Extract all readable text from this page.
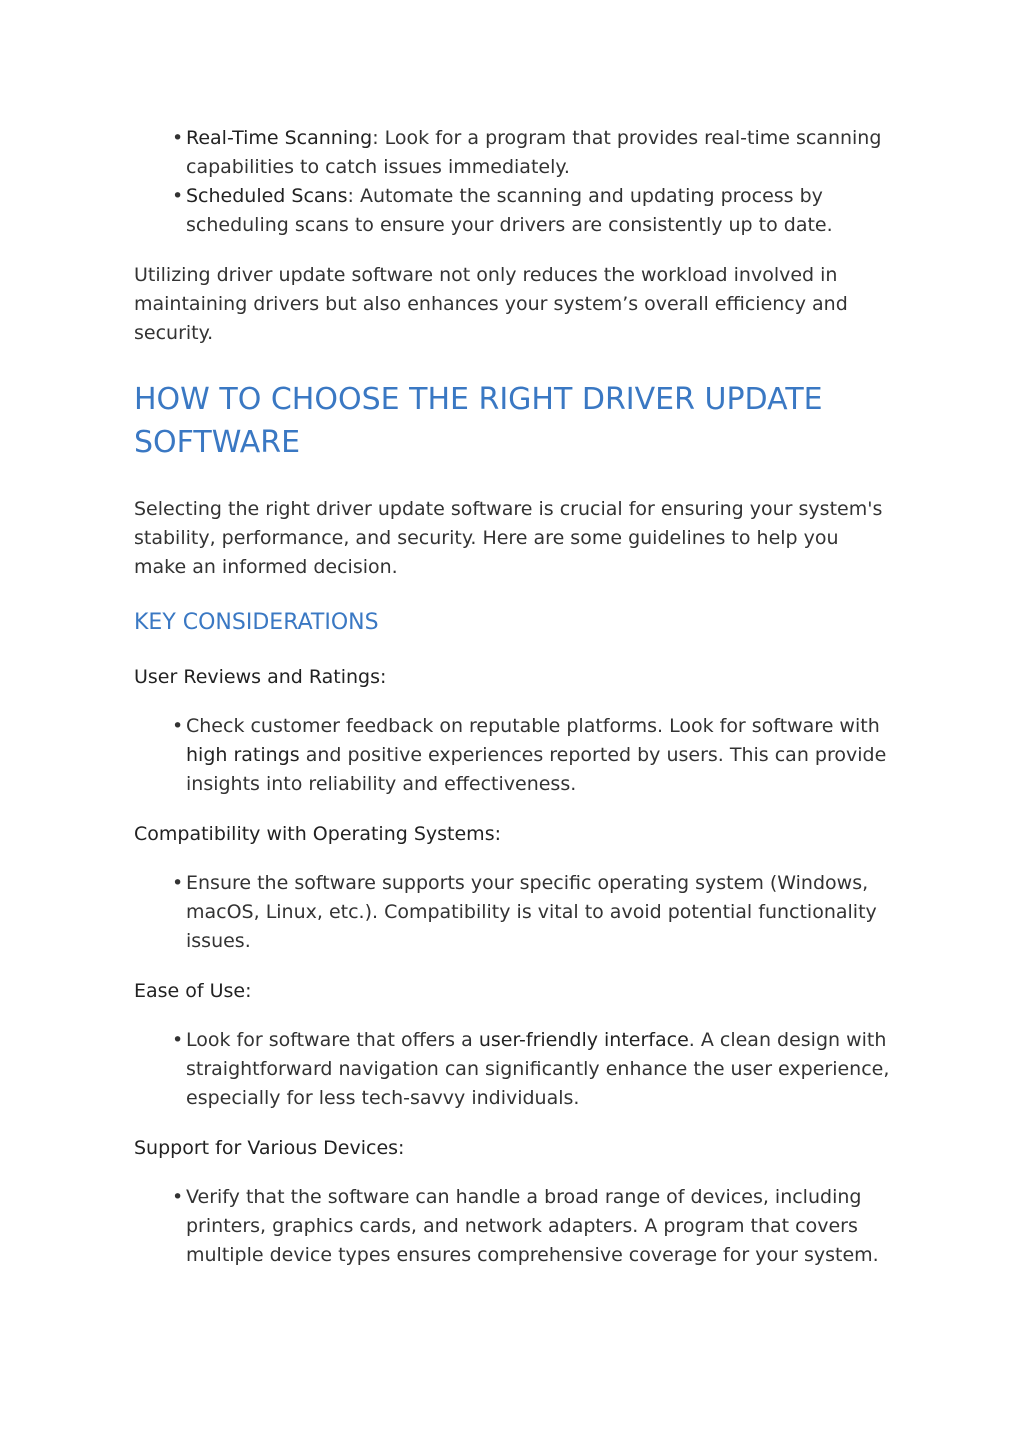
• Real-Time Scanning: Look for a program that provides real-time scanning capabilities to catch issues immediately.
• Scheduled Scans: Automate the scanning and updating process by scheduling scans to ensure your drivers are consistently up to date.

Utilizing driver update software not only reduces the workload involved in maintaining drivers but also enhances your system’s overall efficiency and security.

HOW TO CHOOSE THE RIGHT DRIVER UPDATE SOFTWARE

Selecting the right driver update software is crucial for ensuring your system's stability, performance, and security. Here are some guidelines to help you make an informed decision.

KEY CONSIDERATIONS

User Reviews and Ratings:

• Check customer feedback on reputable platforms. Look for software with high ratings and positive experiences reported by users. This can provide insights into reliability and effectiveness.

Compatibility with Operating Systems:

• Ensure the software supports your specific operating system (Windows, macOS, Linux, etc.). Compatibility is vital to avoid potential functionality issues.

Ease of Use:

• Look for software that offers a user-friendly interface. A clean design with straightforward navigation can significantly enhance the user experience, especially for less tech-savvy individuals.

Support for Various Devices:

• Verify that the software can handle a broad range of devices, including printers, graphics cards, and network adapters. A program that covers multiple device types ensures comprehensive coverage for your system.
